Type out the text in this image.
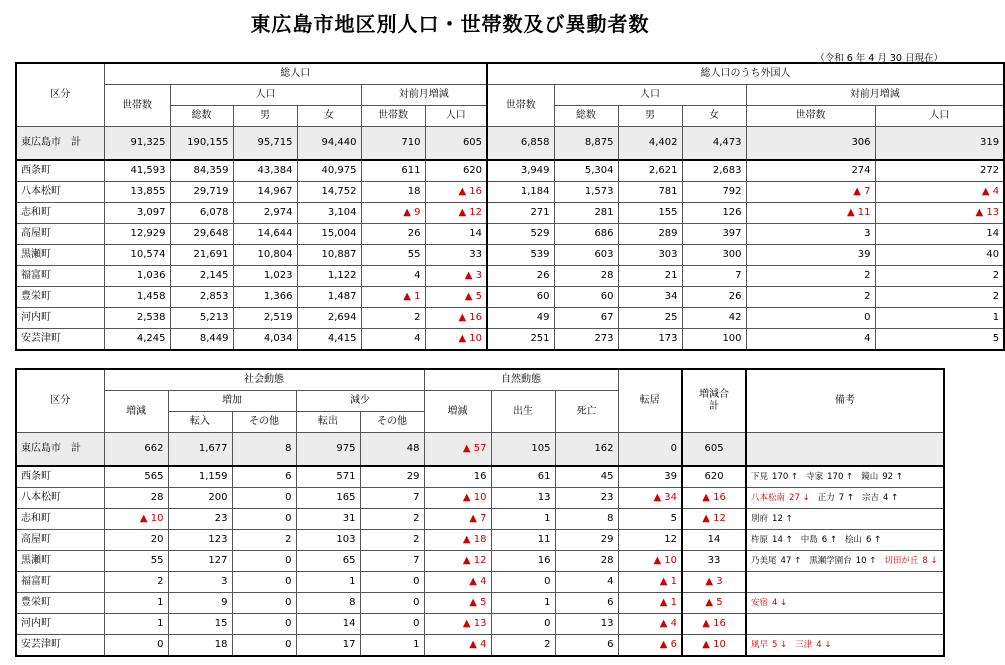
東広島市地区別人口・世帯数及び異動者数
（令和 6 年 4 月 30 日現在）
区分	総人口						総人口のうち外国人					
	世帯数	人口			対前月増減		世帯数	人口			対前月増減	
		総数	男	女	世帯数	人口		総数	男	女	世帯数	人口
東広島市　計	91,325	190,155	95,715	94,440	710	605	6,858	8,875	4,402	4,473	306	319
西条町	41,593	84,359	43,384	40,975	611	620	3,949	5,304	2,621	2,683	274	272
八本松町	13,855	29,719	14,967	14,752	18	▲ 16	1,184	1,573	781	792	▲ 7	▲ 4
志和町	3,097	6,078	2,974	3,104	▲ 9	▲ 12	271	281	155	126	▲ 11	▲ 13
高屋町	12,929	29,648	14,644	15,004	26	14	529	686	289	397	3	14
黒瀬町	10,574	21,691	10,804	10,887	55	33	539	603	303	300	39	40
福富町	1,036	2,145	1,023	1,122	4	▲ 3	26	28	21	7	2	2
豊栄町	1,458	2,853	1,366	1,487	▲ 1	▲ 5	60	60	34	26	2	2
河内町	2,538	5,213	2,519	2,694	2	▲ 16	49	67	25	42	0	1
安芸津町	4,245	8,449	4,034	4,415	4	▲ 10	251	273	173	100	4	5
区分	社会動態					自然動態			転居	増減合計	備考
	増減	増加		減少		増減	出生	死亡			
		転入	その他	転出	その他						
東広島市　計	662	1,677	8	975	48	▲ 57	105	162	0	605	
西条町	565	1,159	6	571	29	16	61	45	39	620	下見 170 ↑ 寺家 170 ↑ 鏡山 92 ↑
八本松町	28	200	0	165	7	▲ 10	13	23	▲ 34	▲ 16	八本松南 27 ↓ 正力 7 ↑ 宗吉 4 ↑
志和町	▲ 10	23	0	31	2	▲ 7	1	8	5	▲ 12	別府 12 ↑
高屋町	20	123	2	103	2	▲ 18	11	29	12	14	杵原 14 ↑ 中島 6 ↑ 桧山 6 ↑
黒瀬町	55	127	0	65	7	▲ 12	16	28	▲ 10	33	乃美尾 47 ↑ 黒瀬学園台 10 ↑ 切田が丘 8 ↓
福富町	2	3	0	1	0	▲ 4	0	4	▲ 1	▲ 3	
豊栄町	1	9	0	8	0	▲ 5	1	6	▲ 1	▲ 5	安宿 4 ↓
河内町	1	15	0	14	0	▲ 13	0	13	▲ 4	▲ 16	
安芸津町	0	18	0	17	1	▲ 4	2	6	▲ 6	▲ 10	風早 5 ↓ 三津 4 ↓
